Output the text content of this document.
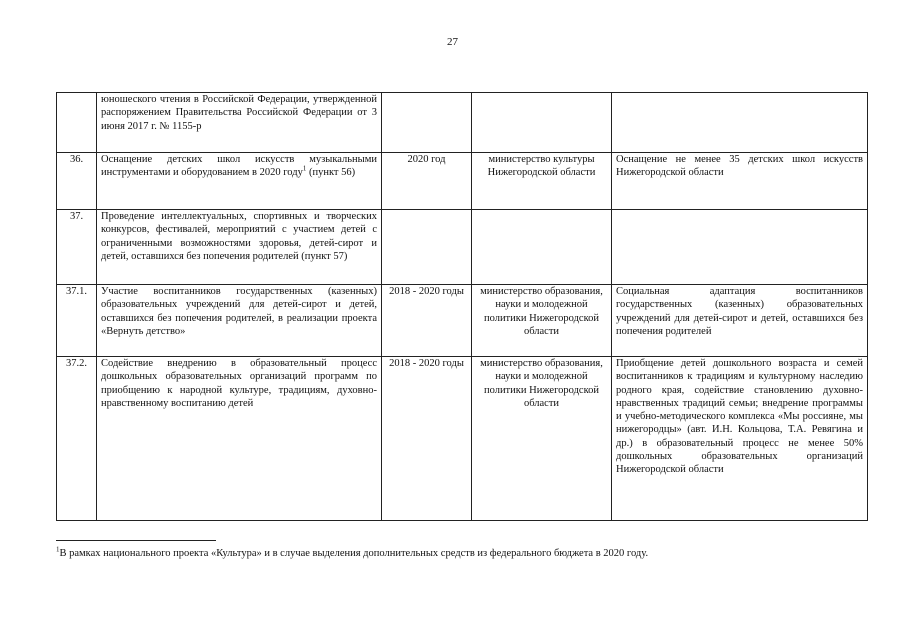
27
	юношеского чтения в Российской Федерации, утвержденной распоряжением Правительства Российской Федерации от 3 июня 2017 г. № 1155-р			
36.	Оснащение детских школ искусств музыкальными инструментами и оборудованием в 2020 году$^1$ (пункт 56)	2020 год	министерство культуры Нижегородской области	Оснащение не менее 35 детских школ искусств Нижегородской области
37.	Проведение интеллектуальных, спортивных и творческих конкурсов, фестивалей, мероприятий с участием детей с ограниченными возможностями здоровья, детей-сирот и детей, оставшихся без попечения родителей (пункт 57)			
37.1.	Участие воспитанников государственных (казенных) образовательных учреждений для детей-сирот и детей, оставшихся без попечения родителей, в реализации проекта «Вернуть детство»	2018 - 2020 годы	министерство образования, науки и молодежной политики Нижегородской области	Социальная адаптация воспитанников государственных (казенных) образовательных учреждений для детей-сирот и детей, оставшихся без попечения родителей
37.2.	Содействие внедрению в образовательный процесс дошкольных образовательных организаций программ по приобщению к народной культуре, традициям, духовно-нравственному воспитанию детей	2018 - 2020 годы	министерство образования, науки и молодежной политики Нижегородской области	Приобщение детей дошкольного возраста и семей воспитанников к традициям и культурному наследию родного края, содействие становлению духовно-нравственных традиций семьи; внедрение программы и учебно-методического комплекса «Мы россияне, мы нижегородцы» (авт. И.Н. Кольцова, Т.А. Ревягина и др.) в образовательный процесс не менее 50% дошкольных образовательных организаций Нижегородской области
$^1$В рамках национального проекта «Культура» и в случае выделения дополнительных средств из федерального бюджета в 2020 году.
